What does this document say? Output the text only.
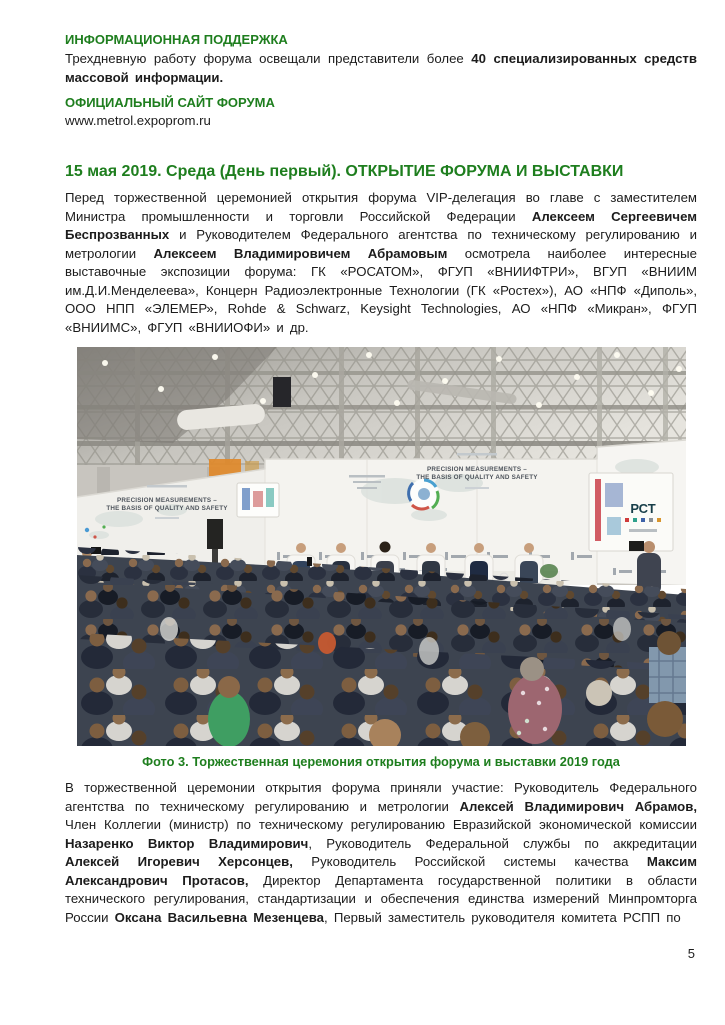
ИНФОРМАЦИОННАЯ ПОДДЕРЖКА

Трехдневную работу форума освещали представители более 40 специализированных средств массовой информации.

ОФИЦИАЛЬНЫЙ САЙТ ФОРУМА

www.metrol.expoprom.ru

15 мая 2019. Среда (День первый). ОТКРЫТИЕ ФОРУМА И ВЫСТАВКИ

Перед торжественной церемонией открытия форума VIP-делегация во главе с заместителем Министра промышленности и торговли Российской Федерации Алексеем Сергеевичем Беспрозванных и Руководителем Федерального агентства по техническому регулированию и метрологии Алексеем Владимировичем Абрамовым осмотрела наиболее интересные выставочные экспозиции форума: ГК «РОСАТОМ», ФГУП «ВНИИФТРИ», ВГУП «ВНИИМ им.Д.И.Менделеева», Концерн Радиоэлектронные Технологии (ГК «Ростех»), АО «НПФ «Диполь», ООО НПП «ЭЛЕМЕР», Rohde & Schwarz, Keysight Technologies, АО «НПФ «Микран», ФГУП «ВНИИМС», ФГУП «ВНИИОФИ» и др.

PRECISION MEASUREMENTS –
THE BASIS OF QUALITY AND SAFETY
PRECISION MEASUREMENTS –
THE BASIS OF QUALITY AND SAFETY
РСТ

Фото 3. Торжественная церемония открытия форума и выставки 2019 года

В торжественной церемонии открытия форума приняли участие: Руководитель Федерального агентства по техническому регулированию и метрологии Алексей Владимирович Абрамов, Член Коллегии (министр) по техническому регулированию Евразийской экономической комиссии Назаренко Виктор Владимирович, Руководитель Федеральной службы по аккредитации Алексей Игоревич Херсонцев, Руководитель Российской системы качества Максим Александрович Протасов, Директор Департамента государственной политики в области технического регулирования, стандартизации и обеспечения единства измерений Минпромторга России Оксана Васильевна Мезенцева, Первый заместитель руководителя комитета РСПП по

5
